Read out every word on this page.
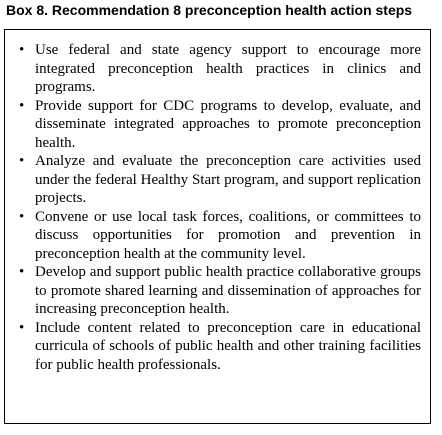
Box 8. Recommendation 8 preconception health action steps
• Use federal and state agency support to encourage more integrated preconception health practices in clinics and programs.
• Provide support for CDC programs to develop, evaluate, and disseminate integrated approaches to promote preconception health.
• Analyze and evaluate the preconception care activities used under the federal Healthy Start program, and support replication projects.
• Convene or use local task forces, coalitions, or committees to discuss opportunities for promotion and prevention in preconception health at the community level.
• Develop and support public health practice collaborative groups to promote shared learning and dissemination of approaches for increasing preconception health.
• Include content related to preconception care in educational curricula of schools of public health and other training facilities for public health professionals.
